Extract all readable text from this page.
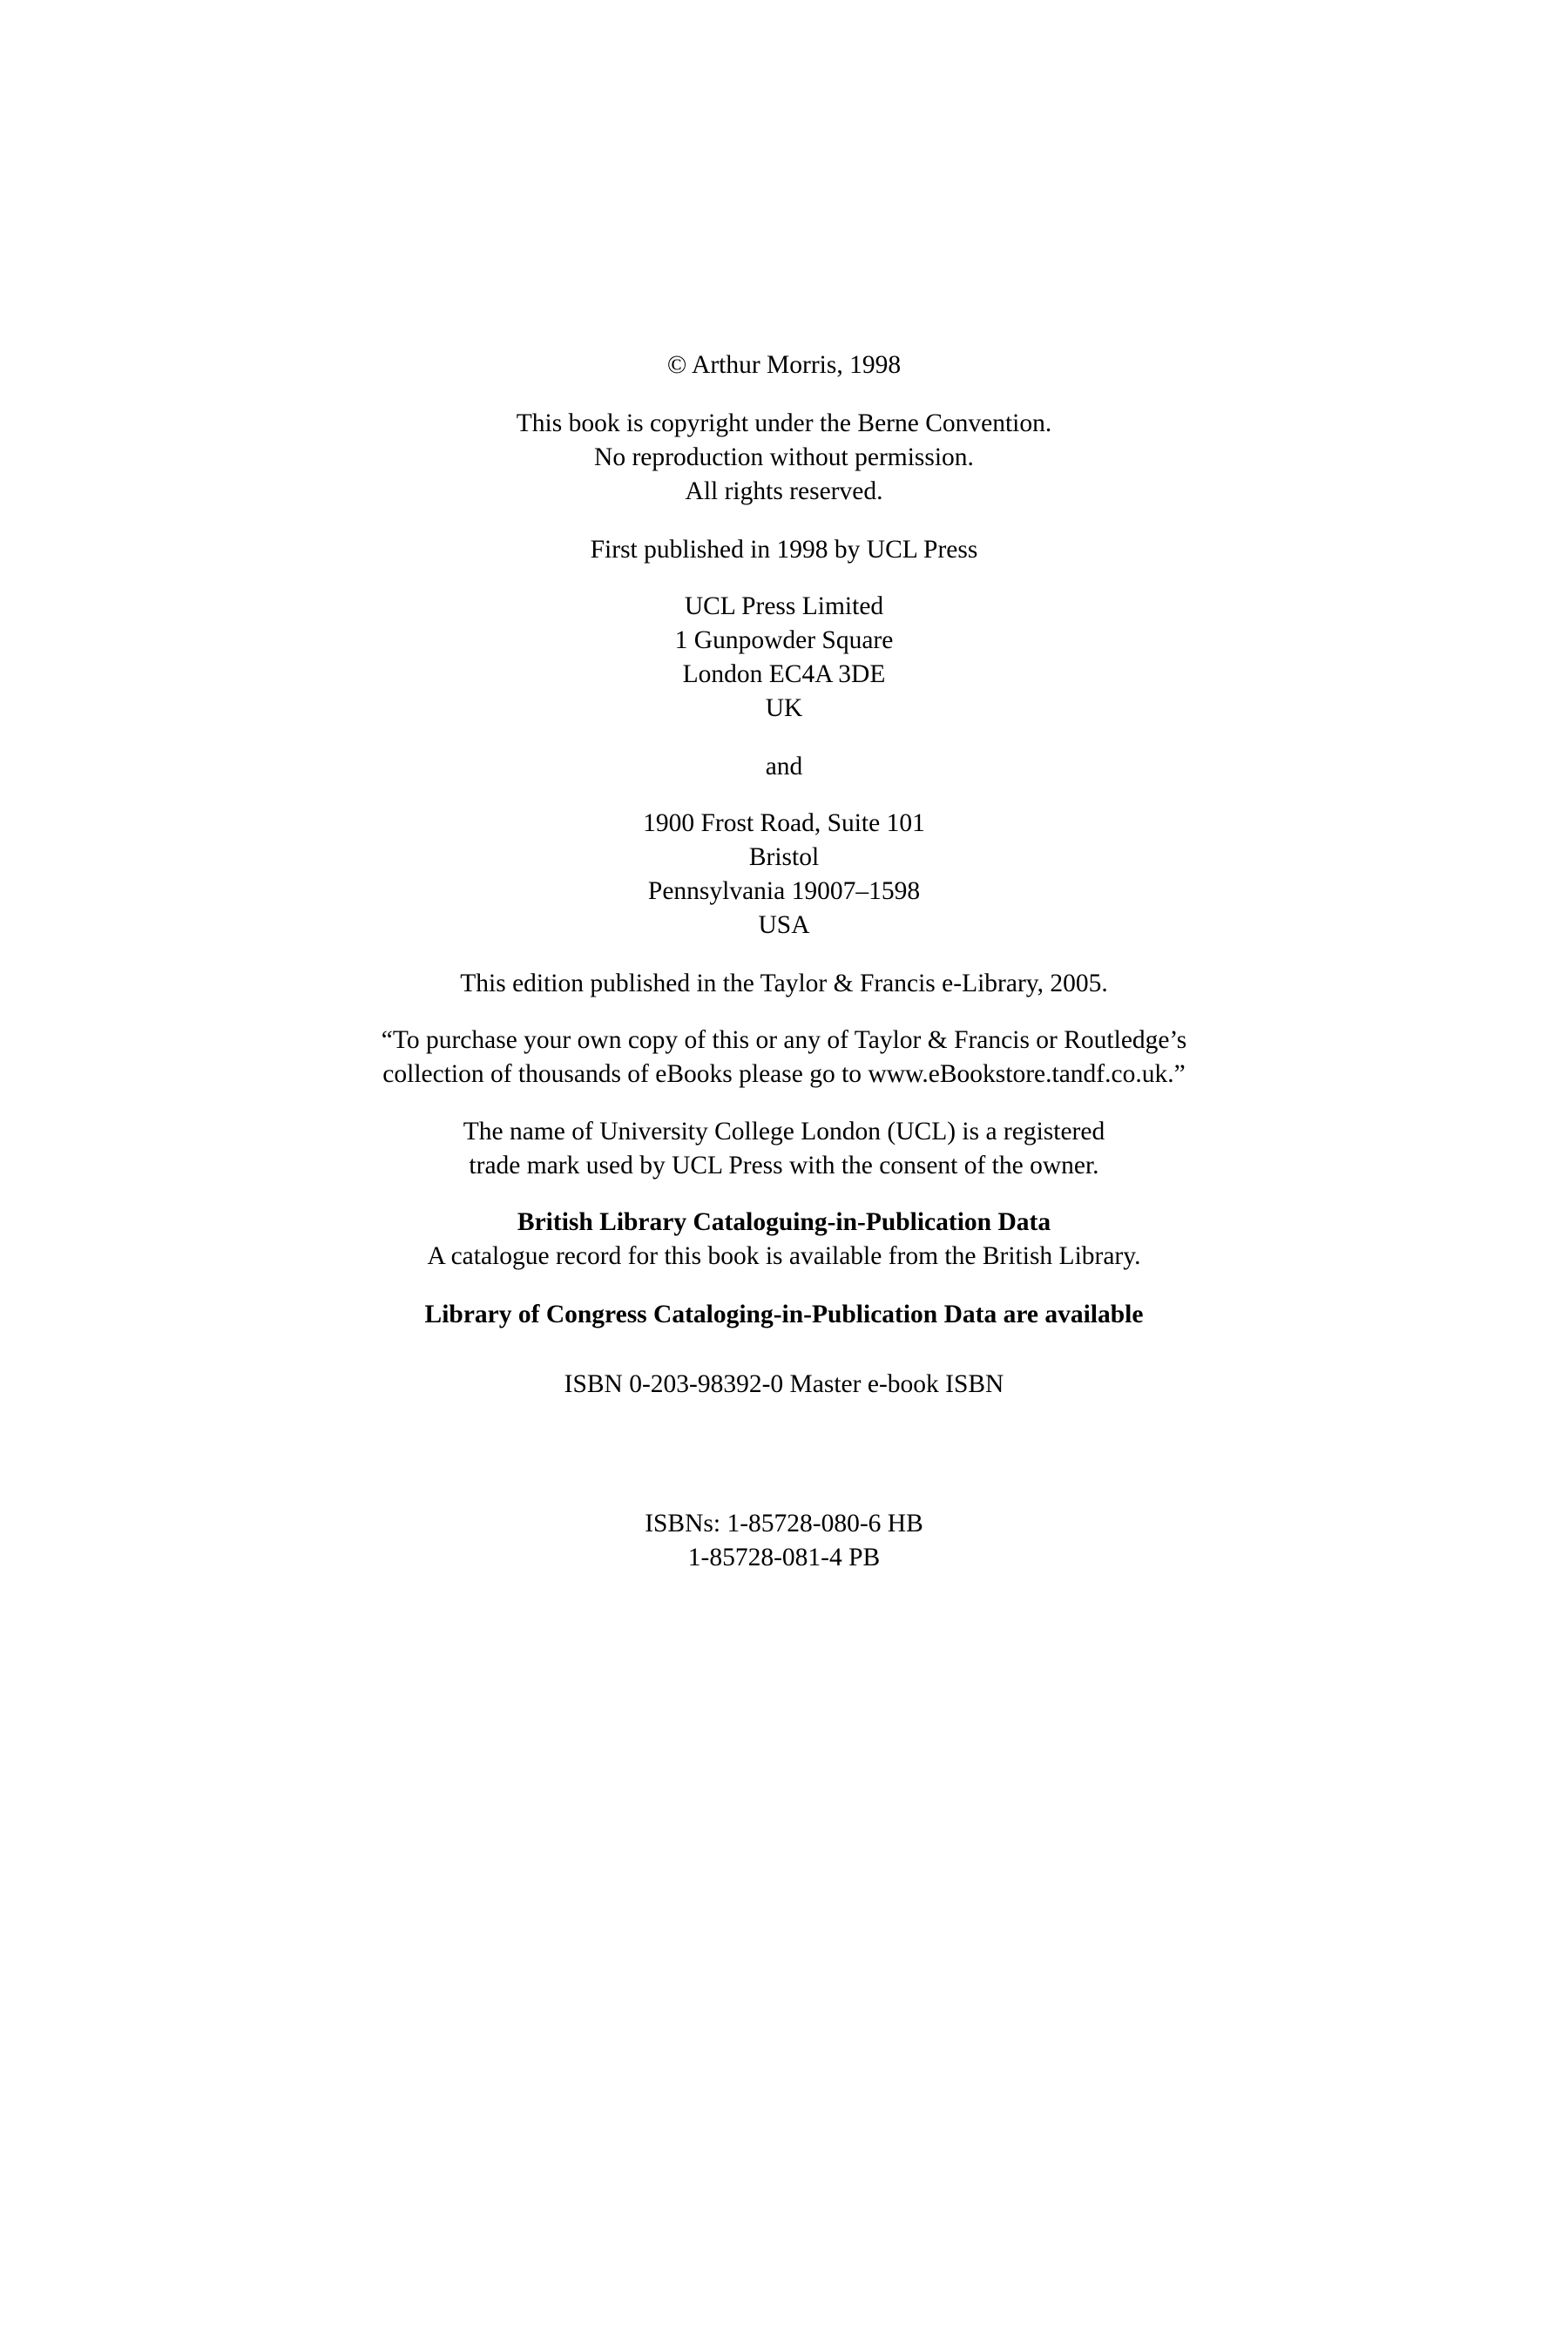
© Arthur Morris, 1998
This book is copyright under the Berne Convention.
No reproduction without permission.
All rights reserved.
First published in 1998 by UCL Press
UCL Press Limited
1 Gunpowder Square
London EC4A 3DE
UK
and
1900 Frost Road, Suite 101
Bristol
Pennsylvania 19007–1598
USA
This edition published in the Taylor & Francis e-Library, 2005.
“To purchase your own copy of this or any of Taylor & Francis or Routledge’s
collection of thousands of eBooks please go to www.eBookstore.tandf.co.uk.”
The name of University College London (UCL) is a registered
trade mark used by UCL Press with the consent of the owner.
British Library Cataloguing-in-Publication Data
A catalogue record for this book is available from the British Library.
Library of Congress Cataloging-in-Publication Data are available
ISBN 0-203-98392-0 Master e-book ISBN
ISBNs: 1-85728-080-6 HB
1-85728-081-4 PB
